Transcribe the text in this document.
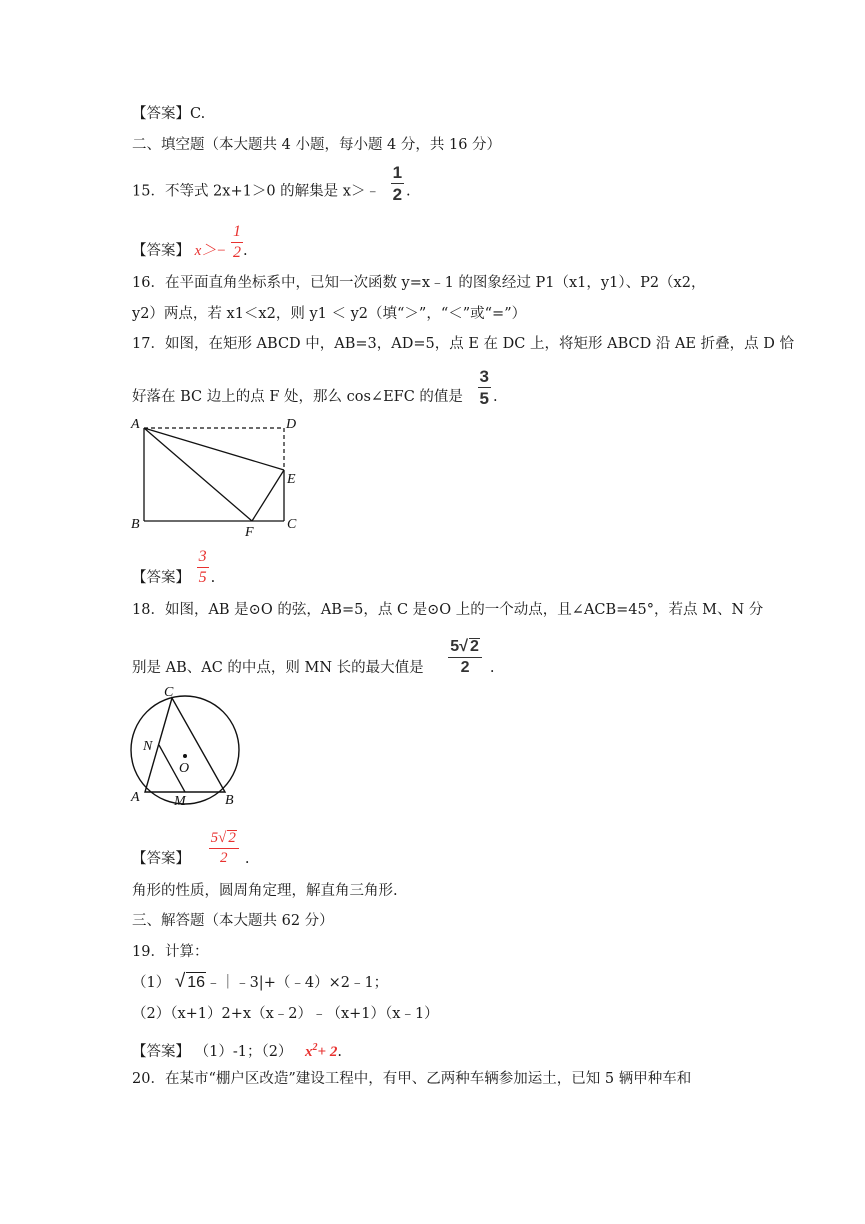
【答案】C.
二、填空题（本大题共 4 小题，每小题 4 分，共 16 分）
15．不等式 2x+1＞0 的解集是 x＞﹣ $\frac{1}{2}$ .
【答案】 $x>- \frac{1}{2}$ .
16．在平面直角坐标系中，已知一次函数 y=x﹣1 的图象经过 P1（x1，y1）、P2（x2，
y2）两点，若 x1＜x2，则 y1 ＜ y2（填“＞”，“＜”或“=”）
17．如图，在矩形 ABCD 中，AB=3，AD=5，点 E 在 DC 上，将矩形 ABCD 沿 AE 折叠，点 D 恰
好落在 BC 边上的点 F 处，那么 cos∠EFC 的值是 $\frac{3}{5}$ .
A	D
E
B
F
C
【答案】 $\frac{3}{5}$ .
18．如图，AB 是⊙O 的弦，AB=5，点 C 是⊙O 上的一个动点，且∠ACB=45°，若点 M、N 分
别是 AB、AC 的中点，则 MN 长的最大值是 $\frac{5√ 2}{2}$ .
C
N
O
A M	B
【答案】 $\frac{5√ 2}{2}$ .
角形的性质，圆周角定理，解直角三角形.
三、解答题（本大题共 62 分）
19．计算：
（1） √ 16﹣｜﹣3|+（﹣4）×2﹣1；
（2）（x+1）2+x（x﹣2）﹣（x+1）（x﹣1）
【答案】 （1）-1；（2） $x^2+ 2$.
20．在某市“棚户区改造”建设工程中，有甲、乙两种车辆参加运土，已知 5 辆甲种车和
